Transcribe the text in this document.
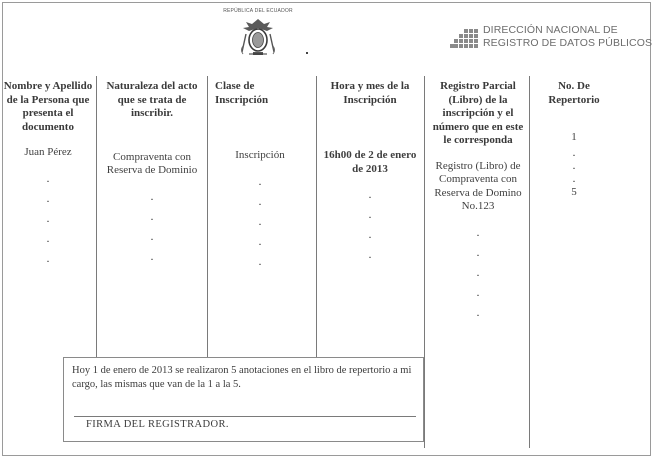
REPÚBLICA DEL ECUADOR
DIRECCIÓN NACIONAL DE
REGISTRO DE DATOS PÚBLICOS
Nombre y Apellido de la Persona que presenta el documento
Juan Pérez
.
.
.
.
.
Naturaleza del acto que se trata de inscribir.
Compraventa con Reserva de Dominio
.
.
.
.
Clase de Inscripción
Inscripción
.
.
.
.
.
Hora y mes de la Inscripción
16h00 de 2 de enero de 2013
.
.
.
.
Registro Parcial (Libro) de la inscripción y el número que en este le corresponda
Registro (Libro) de Compraventa con Reserva de Domino No.123
.
.
.
.
.
No. De Repertorio
1
.
.
.
5
Hoy 1 de enero de 2013 se realizaron 5 anotaciones en el libro de repertorio a mi cargo, las mismas que van de la 1 a la 5.
FIRMA DEL REGISTRADOR.
